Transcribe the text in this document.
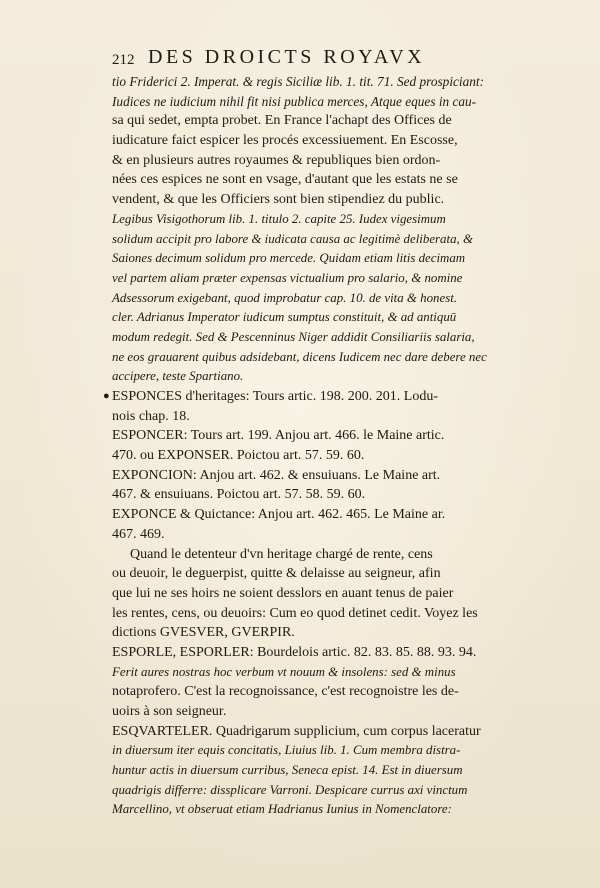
212 DES DROICTS ROYAVX
tio Friderici 2. Imperat. & regis Siciliæ lib. 1. tit. 71. Sed prospiciant:
Iudices ne iudicium nihil fit nisi publica merces, Atque eques in cau-
sa qui sedet, empta probet. En France l'achapt des Offices de
iudicature faict espicer les procés excessiuement. En Escosse,
& en plusieurs autres royaumes & republiques bien ordon-
nées ces espices ne sont en vsage, d'autant que les estats ne se
vendent, & que les Officiers sont bien stipendiez du public.
Legibus Visigothorum lib. 1. titulo 2. capite 25. Iudex vigesimum
solidum accipit pro labore & iudicata causa ac legitimè deliberata, &
Saiones decimum solidum pro mercede. Quidam etiam litis decimam
vel partem aliam præter expensas victualium pro salario, & nomine
Adsessorum exigebant, quod improbatur cap. 10. de vita & honest.
cler. Adrianus Imperator iudicum sumptus constituit, & ad antiquū
modum redegit. Sed & Pescenninus Niger addidit Consiliariis salaria,
ne eos grauarent quibus adsidebant, dicens Iudicem nec dare debere nec
accipere, teste Spartiano.
● ESPONCES d'heritages: Tours artic. 198. 200. 201. Lodu-
nois chap. 18.
ESPONCER: Tours art. 199. Anjou art. 466. le Maine artic.
470. ou EXPONSER. Poictou art. 57. 59. 60.
EXPONCION: Anjou art. 462. & ensuiuans. Le Maine art.
467. & ensuiuans. Poictou art. 57. 58. 59. 60.
EXPONCE & Quictance: Anjou art. 462. 465. Le Maine ar.
467. 469.
Quand le detenteur d'vn heritage chargé de rente, cens
ou deuoir, le deguerpist, quitte & delaisse au seigneur, afin
que lui ne ses hoirs ne soient desslors en auant tenus de paier
les rentes, cens, ou deuoirs: Cum eo quod detinet cedit. Voyez les
dictions GVESVER, GVERPIR.
ESPORLE, ESPORLER: Bourdelois artic. 82. 83. 85. 88. 93. 94.
Ferit aures nostras hoc verbum vt nouum & insolens: sed & minus
notaprofero. C'est la recognoissance, c'est recognoistre les de-
uoirs à son seigneur.
ESQVARTELER. Quadrigarum supplicium, cum corpus laceratur
in diuersum iter equis concitatis, Liuius lib. 1. Cum membra distra-
huntur actis in diuersum curribus, Seneca epist. 14. Est in diuersum
quadrigis differre: dissplicare Varroni. Despicare currus axi vinctum
Marcellino, vt obseruat etiam Hadrianus Iunius in Nomenclatore:
